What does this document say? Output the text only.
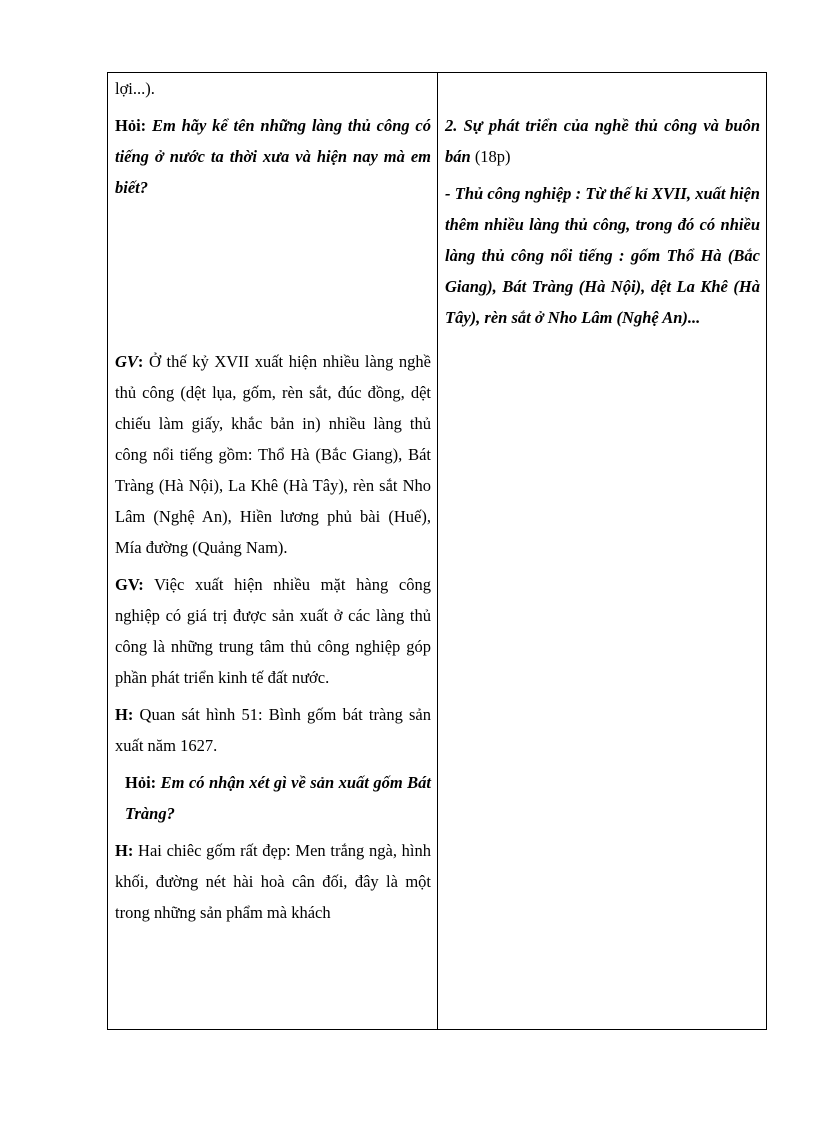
lợi...).

Hỏi: Em hãy kể tên những làng thủ công có tiếng ở nước ta thời xưa và hiện nay mà em biết?

GV: Ở thế kỷ XVII xuất hiện nhiều làng nghề thủ công (dệt lụa, gốm, rèn sắt, đúc đồng, dệt chiếu làm giấy, khắc bản in) nhiều làng thủ công nổi tiếng gồm: Thổ Hà (Bắc Giang), Bát Tràng (Hà Nội), La Khê (Hà Tây), rèn sắt Nho Lâm (Nghệ An), Hiền lương phủ bài (Huế), Mía đường (Quảng Nam).

GV: Việc xuất hiện nhiều mặt hàng công nghiệp có giá trị được sản xuất ở các làng thủ công là những trung tâm thủ công nghiệp góp phần phát triển kinh tế đất nước.

H: Quan sát hình 51: Bình gốm bát tràng sản xuất năm 1627.

Hỏi: Em có nhận xét gì về sản xuất gốm Bát Tràng?

H: Hai chiêc gốm rất đẹp: Men trắng ngà, hình khối, đường nét hài hoà cân đối, đây là một trong những sản phẩm mà khách

2. Sự phát triển của nghề thủ công và buôn bán (18p)

- Thủ công nghiệp : Từ thế kỉ XVII, xuất hiện thêm nhiều làng thủ công, trong đó có nhiều làng thủ công nổi tiếng : gốm Thổ Hà (Bắc Giang), Bát Tràng (Hà Nội), dệt La Khê (Hà Tây), rèn sắt ở Nho Lâm (Nghệ An)...
